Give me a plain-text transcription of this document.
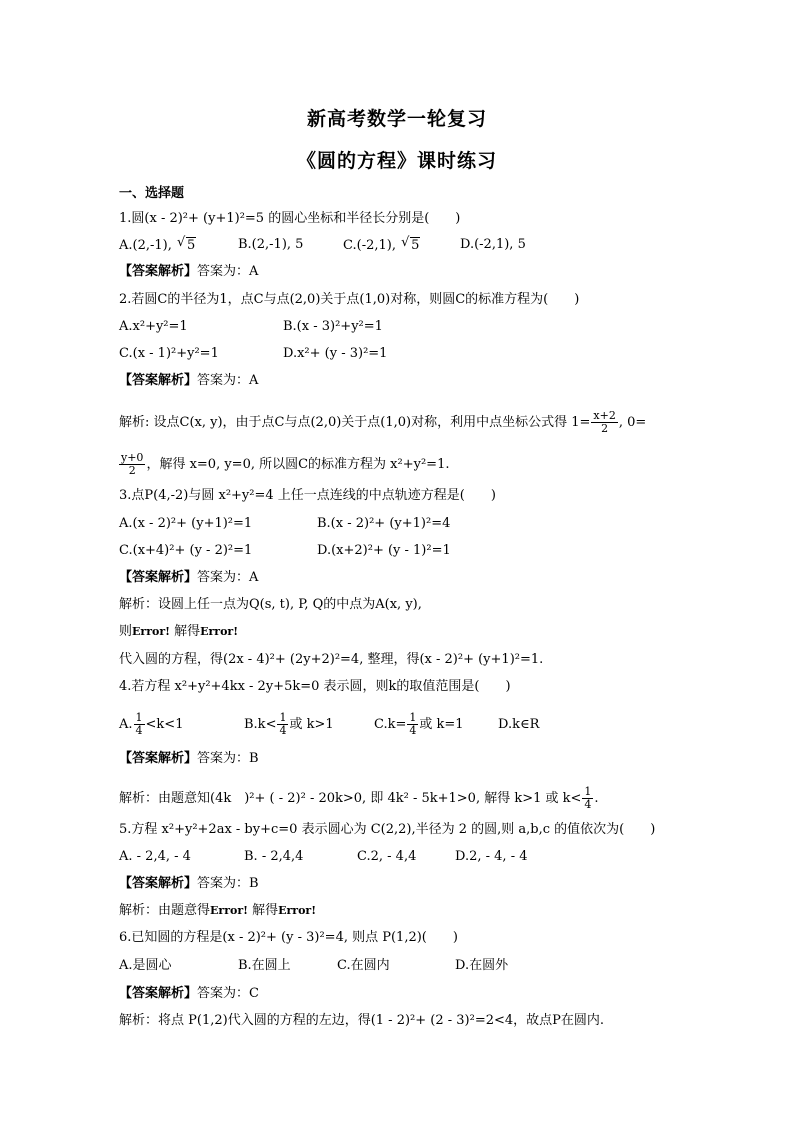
新高考数学一轮复习
《圆的方程》课时练习
一、选择题
1.圆(x - 2)²+ (y+1)²=5 的圆心坐标和半径长分别是(　　)
A.(2,-1), √ 5	B.(2,-1), 5	C.(-2,1), √ 5	D.(-2,1), 5
【答案解析】答案为：A
2.若圆C的半径为1，点C与点(2,0)关于点(1,0)对称，则圆C的标准方程为(　　)
A.x²+y²=1	B.(x - 3)²+y²=1
C.(x - 1)²+y²=1	D.x²+ (y - 3)²=1
【答案解析】答案为：A
解析: 设点C(x, y)，由于点C与点(2,0)关于点(1,0)对称，利用中点坐标公式得 $1= \frac{x+2}{2}$ , 0=
$\frac{y+0}{2}$ ，解得 x=0, y=0, 所以圆C的标准方程为 x²+y²=1.
3.点P(4,-2)与圆 x²+y²=4 上任一点连线的中点轨迹方程是(　　)
A.(x - 2)²+ (y+1)²=1	B.(x - 2)²+ (y+1)²=4
C.(x+4)²+ (y - 2)²=1	D.(x+2)²+ (y - 1)²=1
【答案解析】答案为：A
解析：设圆上任一点为Q(s, t), P, Q的中点为A(x, y),
则Error! 解得Error!
代入圆的方程，得(2x - 4)²+ (2y+2)²=4, 整理，得(x - 2)²+ (y+1)²=1.
4.若方程 x²+y²+4kx - 2y+5k=0 表示圆，则k的取值范围是(　　)
A. $\frac{1}{4} <k<1$	$B.k< \frac{1}{4}$ 或 k>1	$C.k= \frac{1}{4}$ 或 k=1	D.k∈R
【答案解析】答案为：B
解析：由题意知(4k　)²+ ( - 2)² - 20k>0, 即 4k² - 5k+1>0, 解得 k>1 或 $k< \frac{1}{4}$ .
5.方程 x²+y²+2ax - by+c=0 表示圆心为 C(2,2),半径为 2 的圆,则 a,b,c 的值依次为(　　)
A. - 2,4, - 4	B. - 2,4,4	C.2, - 4,4	D.2, - 4, - 4
【答案解析】答案为：B
解析：由题意得Error! 解得Error!
6.已知圆的方程是(x - 2)²+ (y - 3)²=4, 则点 P(1,2)(　　)
A.是圆心	B.在圆上	C.在圆内	D.在圆外
【答案解析】答案为：C
解析：将点 P(1,2)代入圆的方程的左边，得(1 - 2)²+ (2 - 3)²=2<4，故点P在圆内.
